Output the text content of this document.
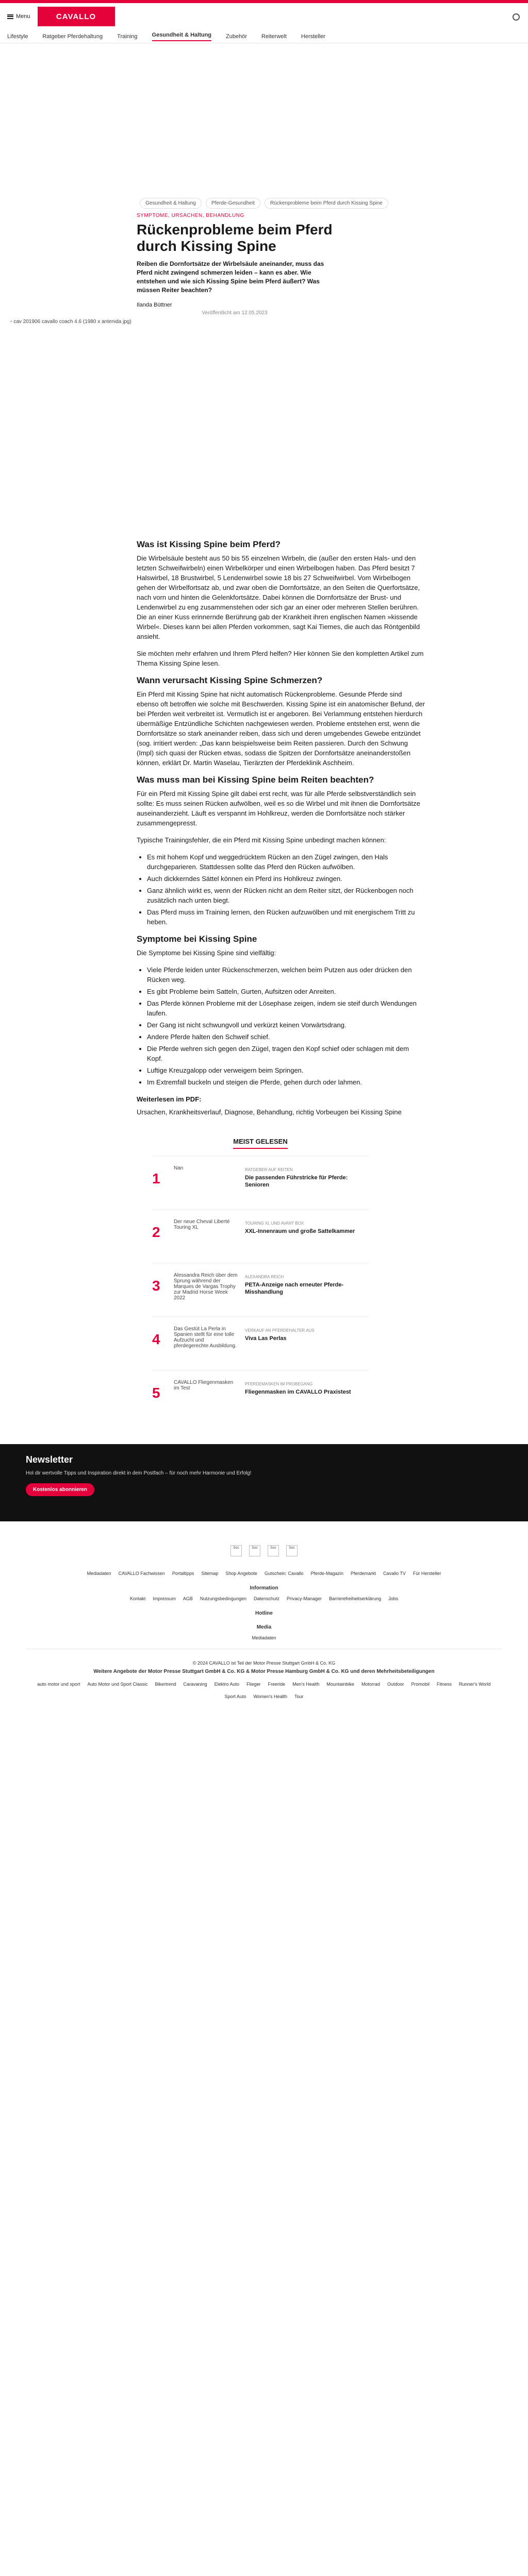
Menu	CAVALLO
Lifestyle	Ratgeber Pferdehaltung	Training	Gesundheit & Haltung	Zubehör	Reiterwelt	Hersteller
Gesundheit & Haltung	Pferde-Gesundheit	Rückenprobleme beim Pferd durch Kissing Spine
SYMPTOME, URSACHEN, BEHANDLUNG
Rückenprobleme beim Pferd durch Kissing Spine

Reiben die Dornfortsätze der Wirbelsäule aneinander, muss das Pferd nicht zwingend schmerzen leiden – kann es aber. Wie entstehen und wie sich Kissing Spine beim Pferd äußert? Was müssen Reiter beachten?

Ilanda Büttner
Veröffentlicht am 12.05.2023
▫ cav 201906 cavallo coach 4.6 (1980 x antenida jpg)
Was ist Kissing Spine beim Pferd?

Die Wirbelsäule besteht aus 50 bis 55 einzelnen Wirbeln, die (außer den ersten Hals- und den letzten Schweifwirbeln) einen Wirbelkörper und einen Wirbelbogen haben. Das Pferd besitzt 7 Halswirbel, 18 Brustwirbel, 5 Lendenwirbel sowie 18 bis 27 Schweifwirbel. Vom Wirbelbogen gehen der Wirbelfortsatz ab, und zwar oben die Dornfortsätze, an den Seiten die Querfortsätze, nach vorn und hinten die Gelenkfortsätze. Dabei können die Dornfortsätze der Brust- und Lendenwirbel zu eng zusammenstehen oder sich gar an einer oder mehreren Stellen berühren. Die an einer Kuss erinnernde Berührung gab der Krankheit ihren englischen Namen »kissende Wirbel«. Dieses kann bei allen Pferden vorkommen, sagt Kai Tiemes, die auch das Röntgenbild ansieht.

Sie möchten mehr erfahren und Ihrem Pferd helfen? Hier können Sie den kompletten Artikel zum Thema Kissing Spine lesen.

Wann verursacht Kissing Spine Schmerzen?

Ein Pferd mit Kissing Spine hat nicht automatisch Rückenprobleme. Gesunde Pferde sind ebenso oft betroffen wie solche mit Beschwerden. Kissing Spine ist ein anatomischer Befund, der bei Pferden weit verbreitet ist. Vermutlich ist er angeboren. Bei Verlammung entstehen hierdurch übermäßige Entzündliche Schichten nachgewiesen werden. Probleme entstehen erst, wenn die Dornfortsätze so stark aneinander reiben, dass sich und deren umgebendes Gewebe entzündet (sog. irritiert werden: „Das kann beispielsweise beim Reiten passieren. Durch den Schwung (Impl) sich quasi der Rücken etwas, sodass die Spitzen der Dornfortsätze aneinanderstoßen können, erklärt Dr. Martin Waselau, Tierärzten der Pferdeklinik Aschheim.

Was muss man bei Kissing Spine beim Reiten beachten?

Für ein Pferd mit Kissing Spine gilt dabei erst recht, was für alle Pferde selbstverständlich sein sollte: Es muss seinen Rücken aufwölben, weil es so die Wirbel und mit ihnen die Dornfortsätze auseinanderzieht. Läuft es verspannt im Hohlkreuz, werden die Dornfortsätze noch stärker zusammengepresst.

Typische Trainingsfehler, die ein Pferd mit Kissing Spine unbedingt machen können:

• Es mit hohem Kopf und weggedrücktem Rücken an den Zügel zwingen, den Hals durchgeparieren. Stattdessen sollte das Pferd den Rücken aufwölben.
• Auch dickkerndes Sättel können ein Pferd ins Hohlkreuz zwingen.
• Ganz ähnlich wirkt es, wenn der Rücken nicht an dem Reiter sitzt, der Rückenbogen noch zusätzlich nach unten biegt.
• Das Pferd muss im Training lernen, den Rücken aufzuwölben und mit energischem Tritt zu heben.
Symptome bei Kissing Spine

Die Symptome bei Kissing Spine sind vielfältig:

• Viele Pferde leiden unter Rückenschmerzen, welchen beim Putzen aus oder drücken den Rücken weg.
• Es gibt Probleme beim Satteln, Gurten, Aufsitzen oder Anreiten.
• Das Pferde können Probleme mit der Lösephase zeigen, indem sie steif durch Wendungen laufen.
• Der Gang ist nicht schwungvoll und verkürzt keinen Vorwärtsdrang.
• Andere Pferde halten den Schweif schief.
• Die Pferde wehren sich gegen den Zügel, tragen den Kopf schief oder schlagen mit dem Kopf.
• Luftige Kreuzgalopp oder verweigern beim Springen.
• Im Extremfall buckeln und steigen die Pferde, gehen durch oder lahmen.

Weiterlesen im PDF:

Ursachen, Krankheitsverlauf, Diagnose, Behandlung, richtig Vorbeugen bei Kissing Spine

MEIST GELESEN
1
Nan	RATGEBER AUF REITEN
Die passenden Führstricke für Pferde: Senioren
2
Der neue Cheval Liberté Touring XL
TOURING XL UND AVANT BOX
XXL-Innenraum und große Sattelkammer
3
Alessandra Reich über dem Sprung während der Marques de Vargas Trophy zur Madrid Horse Week 2022
ALEXANDRA REICH
PETA-Anzeige nach erneuter Pferde-Misshandlung
4
Das Gestüt La Perla in Spanien stellt für eine tolle Aufzucht und pferdegerechte Ausbildung.
VERKAUF AN PFERDEHALTER AUS
Viva Las Perlas
5
CAVALLO Fliegenmasken im Test
PFERDEMASKEN IM PROBEGANG
Fliegenmasken im CAVALLO Praxistest
Newsletter

Hol dir wertvolle Tipps und Inspiration direkt in dein Postfach – für noch mehr Harmonie und Erfolg!

Kostenlos abonnieren
Soc	Soc	Soc	Soc
Mediadaten CAVALLO Fachwissen Portaltipps Sitemap Shop Angebote Gutschein: Cavallo Pferde-Magazin Pferdemarkt Cavallo TV Für Hersteller
Information
Kontakt Impressum AGB Nutzungsbedingungen Datenschutz Privacy-Manager Barrierefreiheitserklärung Jobs
Hotline
Media
Mediadaten
© 2024 CAVALLO ist Teil der Motor Presse Stuttgart GmbH & Co. KG
Weitere Angebote der Motor Presse Stuttgart GmbH & Co. KG & Motor Presse Hamburg GmbH & Co. KG und deren Mehrheitsbeteiligungen
auto motor und sport Auto Motor und Sport Classic Bikertrend Caravaning Elektro Auto Flieger Freeride Men's Health Mountainbike Motorrad Outdoor Promobil Fitness Runner's World
Sport Auto Women's Health Tour
